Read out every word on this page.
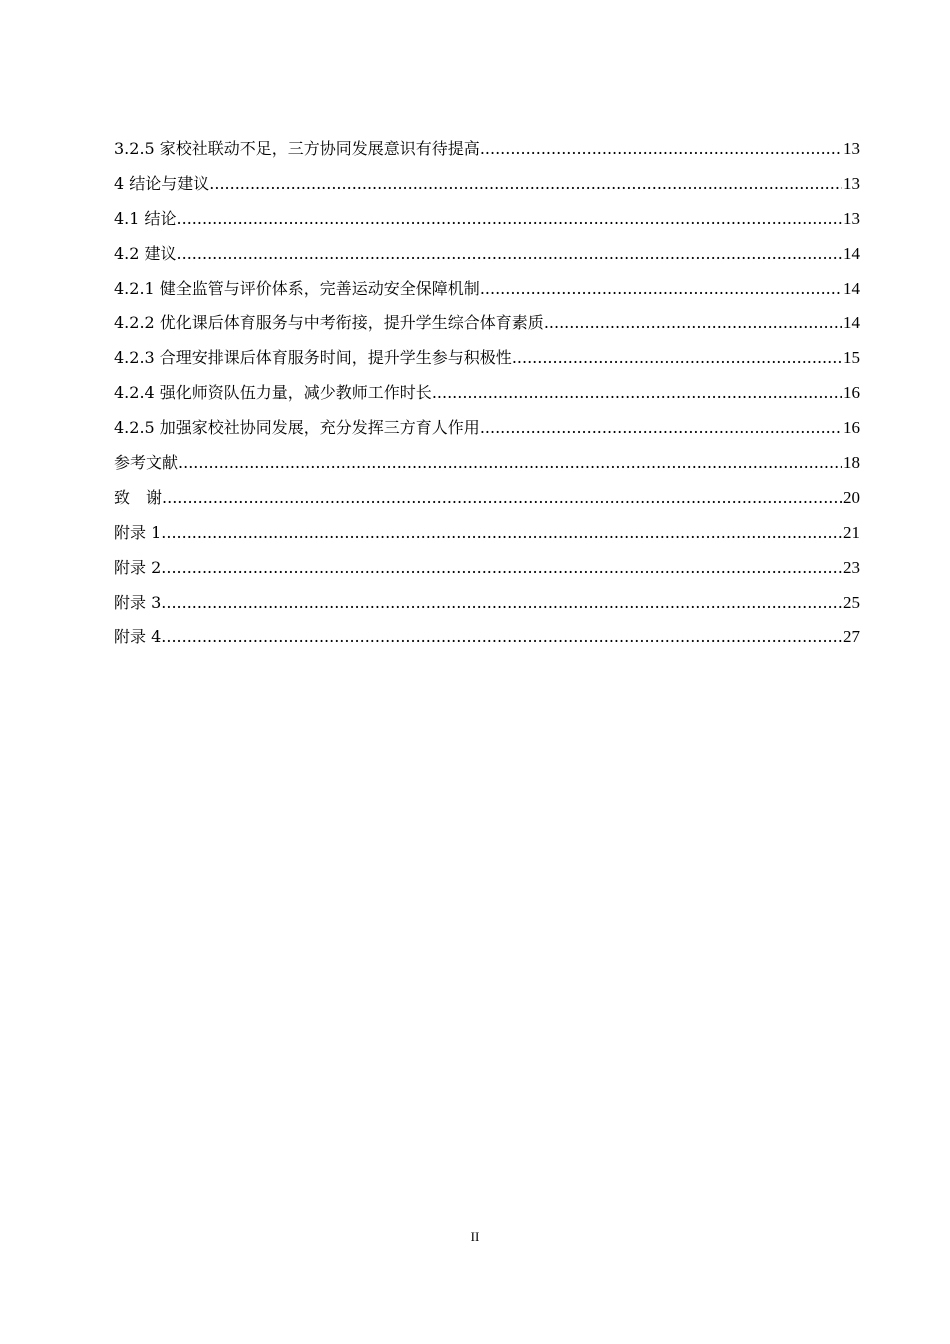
3.2.5 家校社联动不足，三方协同发展意识有待提高 .....	13
4 结论与建议 .....	13
4.1 结论 .....	13
4.2 建议 .....	14
4.2.1 健全监管与评价体系，完善运动安全保障机制 .....	14
4.2.2 优化课后体育服务与中考衔接，提升学生综合体育素质 .....	14
4.2.3 合理安排课后体育服务时间，提升学生参与积极性 .....	15
4.2.4 强化师资队伍力量，减少教师工作时长 .....	16
4.2.5 加强家校社协同发展，充分发挥三方育人作用 .....	16
参考文献 .....	18
致　谢 .....	20
附录 1 .....	21
附录 2 .....	23
附录 3 .....	25
附录 4 .....	27
II
